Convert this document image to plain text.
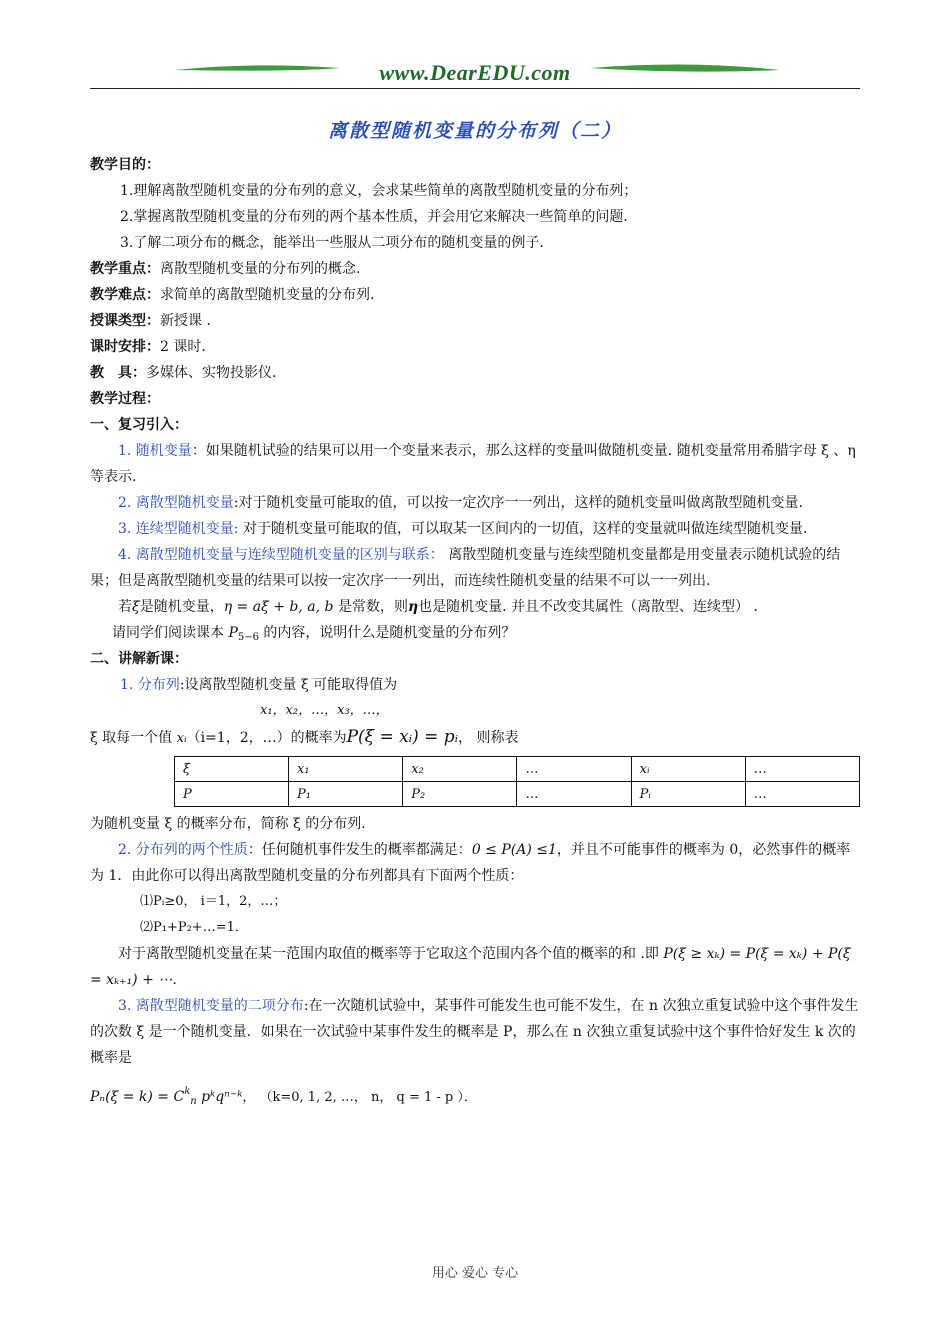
www.DearEDU.com
离散型随机变量的分布列（二）
教学目的：
1.理解离散型随机变量的分布列的意义，会求某些简单的离散型随机变量的分布列；
2.掌握离散型随机变量的分布列的两个基本性质，并会用它来解决一些简单的问题．
3.了解二项分布的概念，能举出一些服从二项分布的随机变量的例子．
教学重点：离散型随机变量的分布列的概念.
教学难点：求简单的离散型随机变量的分布列.
授课类型：新授课 ．
课时安排：2 课时．
教　具：多媒体、实物投影仪．
教学过程：
一、复习引入：
1. 随机变量：如果随机试验的结果可以用一个变量来表示，那么这样的变量叫做随机变量. 随机变量常用希腊字母 ξ 、η 等表示.
2. 离散型随机变量:对于随机变量可能取的值，可以按一定次序一一列出，这样的随机变量叫做离散型随机变量.
3. 连续型随机变量: 对于随机变量可能取的值，可以取某一区间内的一切值，这样的变量就叫做连续型随机变量.
4. 离散型随机变量与连续型随机变量的区别与联系： 离散型随机变量与连续型随机变量都是用变量表示随机试验的结果；但是离散型随机变量的结果可以按一定次序一一列出，而连续性随机变量的结果不可以一一列出.
若ξ是随机变量，η = aξ + b, a, b 是常数，则η也是随机变量. 并且不改变其属性（离散型、连续型） ．
请同学们阅读课本 $P_{5-6}$ 的内容，说明什么是随机变量的分布列？
二、讲解新课：
1. 分布列:设离散型随机变量 ξ 可能取得值为
x₁，x₂，…，x₃，…，
ξ 取每一个值 xᵢ（i=1，2，…）的概率为P(ξ = xᵢ) = pᵢ， 则称表
ξ	x₁	x₂	…	xᵢ	…
P	P₁	P₂	…	Pᵢ	…
为随机变量 ξ 的概率分布，简称 ξ 的分布列．
2. 分布列的两个性质：任何随机事件发生的概率都满足：0 ≤ P(A) ≤1，并且不可能事件的概率为 0，必然事件的概率为 1．由此你可以得出离散型随机变量的分布列都具有下面两个性质：
⑴Pᵢ≥0， i＝1，2，…；
⑵P₁+P₂+…=1．
对于离散型随机变量在某一范围内取值的概率等于它取这个范围内各个值的概率的和 .即 P(ξ ≥ xₖ) = P(ξ = xₖ) + P(ξ = xₖ₊₁) + ⋯．
3. 离散型随机变量的二项分布:在一次随机试验中，某事件可能发生也可能不发生，在 n 次独立重复试验中这个事件发生的次数 ξ 是一个随机变量．如果在一次试验中某事件发生的概率是 P，那么在 n 次独立重复试验中这个事件恰好发生 k 次的概率是
$P_n(\xi = k) = C^k_n$ pᵏqⁿ⁻ᵏ， （k=0, 1, 2, …， n， q = 1 - p ）．
用心 爱心 专心
